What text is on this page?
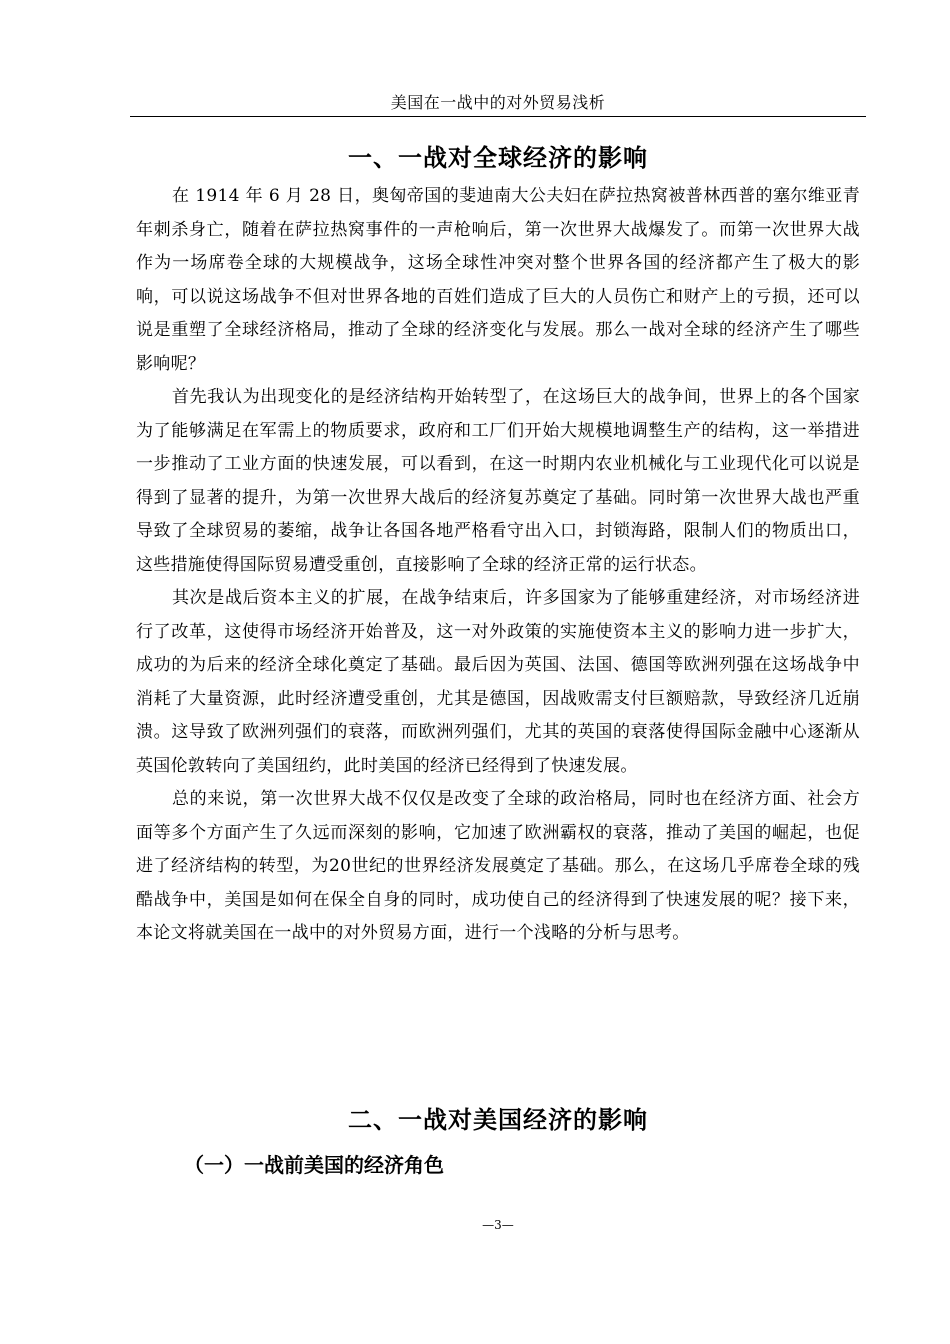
美国在一战中的对外贸易浅析
一、一战对全球经济的影响

在 1914 年 6 月 28 日，奥匈帝国的斐迪南大公夫妇在萨拉热窝被普林西普的塞尔维亚青年刺杀身亡，随着在萨拉热窝事件的一声枪响后，第一次世界大战爆发了。而第一次世界大战作为一场席卷全球的大规模战争，这场全球性冲突对整个世界各国的经济都产生了极大的影响，可以说这场战争不但对世界各地的百姓们造成了巨大的人员伤亡和财产上的亏损，还可以说是重塑了全球经济格局，推动了全球的经济变化与发展。那么一战对全球的经济产生了哪些影响呢？

首先我认为出现变化的是经济结构开始转型了，在这场巨大的战争间，世界上的各个国家为了能够满足在军需上的物质要求，政府和工厂们开始大规模地调整生产的结构，这一举措进一步推动了工业方面的快速发展，可以看到，在这一时期内农业机械化与工业现代化可以说是得到了显著的提升，为第一次世界大战后的经济复苏奠定了基础。同时第一次世界大战也严重导致了全球贸易的萎缩，战争让各国各地严格看守出入口，封锁海路，限制人们的物质出口，这些措施使得国际贸易遭受重创，直接影响了全球的经济正常的运行状态。

其次是战后资本主义的扩展，在战争结束后，许多国家为了能够重建经济，对市场经济进行了改革，这使得市场经济开始普及，这一对外政策的实施使资本主义的影响力进一步扩大，成功的为后来的经济全球化奠定了基础。最后因为英国、法国、德国等欧洲列强在这场战争中消耗了大量资源，此时经济遭受重创，尤其是德国，因战败需支付巨额赔款，导致经济几近崩溃。这导致了欧洲列强们的衰落，而欧洲列强们，尤其的英国的衰落使得国际金融中心逐渐从英国伦敦转向了美国纽约，此时美国的经济已经得到了快速发展。

总的来说，第一次世界大战不仅仅是改变了全球的政治格局，同时也在经济方面、社会方面等多个方面产生了久远而深刻的影响，它加速了欧洲霸权的衰落，推动了美国的崛起，也促进了经济结构的转型，为20世纪的世界经济发展奠定了基础。那么，在这场几乎席卷全球的残酷战争中，美国是如何在保全自身的同时，成功使自己的经济得到了快速发展的呢？接下来，本论文将就美国在一战中的对外贸易方面，进行一个浅略的分析与思考。

二、一战对美国经济的影响
（一）一战前美国的经济角色
—3—
